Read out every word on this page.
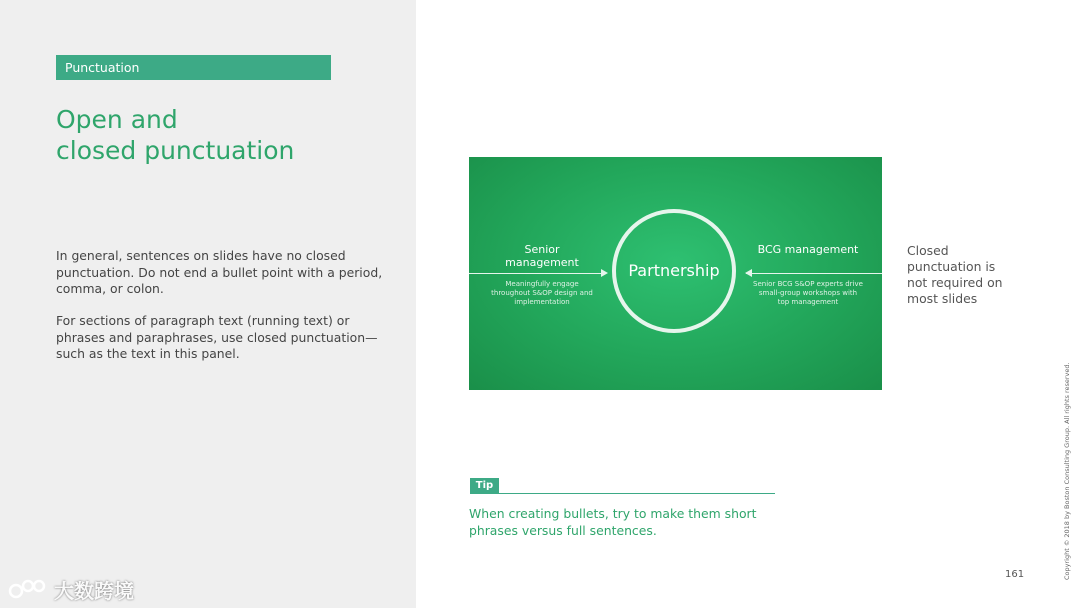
Punctuation
Open and
closed punctuation

In general, sentences on slides have no closed punctuation. Do not end a bullet point with a period, comma, or colon.

For sections of paragraph text (running text) or phrases and paraphrases, use closed punctuation—such as the text in this panel.

大数跨境
Partnership
Senior management
Meaningfully engage throughout S&OP design and implementation
BCG management
Senior BCG S&OP experts drive small-group workshops with top management

Closed punctuation is not required on most slides

Tip

When creating bullets, try to make them short phrases versus full sentences.	Copyright © 2018 by Boston Consulting Group. All rights reserved.
161
